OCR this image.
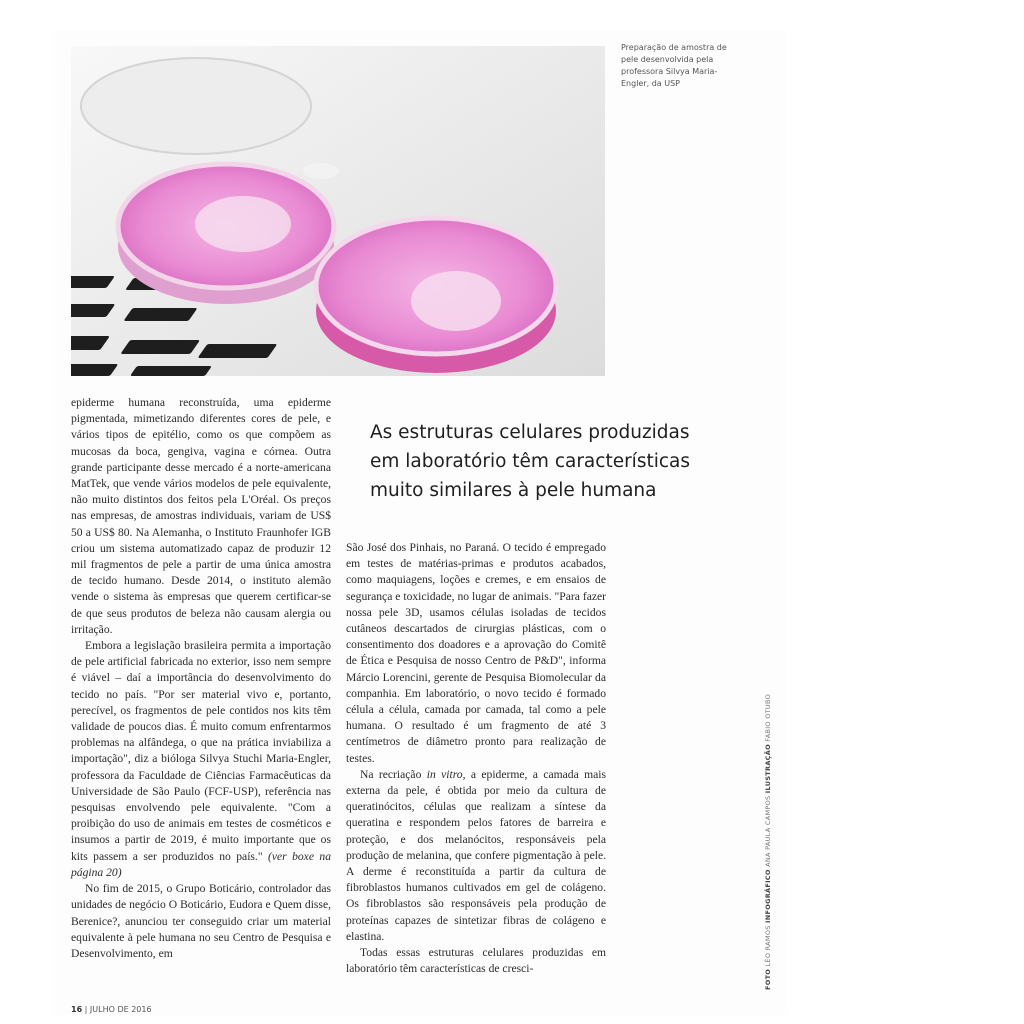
Preparação de amostra de pele desenvolvida pela professora Silvya Maria-Engler, da USP

epiderme humana reconstruída, uma epiderme pigmentada, mimetizando diferentes cores de pele, e vários tipos de epitélio, como os que compõem as mucosas da boca, gengiva, vagina e córnea. Outra grande participante desse mercado é a norte-americana MatTek, que vende vários modelos de pele equivalente, não muito distintos dos feitos pela L'Oréal. Os preços nas empresas, de amostras individuais, variam de US$ 50 a US$ 80. Na Alemanha, o Instituto Fraunhofer IGB criou um sistema automatizado capaz de produzir 12 mil fragmentos de pele a partir de uma única amostra de tecido humano. Desde 2014, o instituto alemão vende o sistema às empresas que querem certificar-se de que seus produtos de beleza não causam alergia ou irritação.

Embora a legislação brasileira permita a importação de pele artificial fabricada no exterior, isso nem sempre é viável – daí a importância do desenvolvimento do tecido no país. "Por ser material vivo e, portanto, perecível, os fragmentos de pele contidos nos kits têm validade de poucos dias. É muito comum enfrentarmos problemas na alfândega, o que na prática inviabiliza a importação", diz a bióloga Silvya Stuchi Maria-Engler, professora da Faculdade de Ciências Farmacêuticas da Universidade de São Paulo (FCF-USP), referência nas pesquisas envolvendo pele equivalente. "Com a proibição do uso de animais em testes de cosméticos e insumos a partir de 2019, é muito importante que os kits passem a ser produzidos no país." (ver boxe na página 20)

No fim de 2015, o Grupo Boticário, controlador das unidades de negócio O Boticário, Eudora e Quem disse, Berenice?, anunciou ter conseguido criar um material equivalente à pele humana no seu Centro de Pesquisa e Desenvolvimento, em

As estruturas celulares produzidas em laboratório têm características muito similares à pele humana

São José dos Pinhais, no Paraná. O tecido é empregado em testes de matérias-primas e produtos acabados, como maquiagens, loções e cremes, e em ensaios de segurança e toxicidade, no lugar de animais. "Para fazer nossa pele 3D, usamos células isoladas de tecidos cutâneos descartados de cirurgias plásticas, com o consentimento dos doadores e a aprovação do Comitê de Ética e Pesquisa de nosso Centro de P&D", informa Márcio Lorencini, gerente de Pesquisa Biomolecular da companhia. Em laboratório, o novo tecido é formado célula a célula, camada por camada, tal como a pele humana. O resultado é um fragmento de até 3 centímetros de diâmetro pronto para realização de testes.

Na recriação in vitro, a epiderme, a camada mais externa da pele, é obtida por meio da cultura de queratinócitos, células que realizam a síntese da queratina e respondem pelos fatores de barreira e proteção, e dos melanócitos, responsáveis pela produção de melanina, que confere pigmentação à pele. A derme é reconstituída a partir da cultura de fibroblastos humanos cultivados em gel de colágeno. Os fibroblastos são responsáveis pela produção de proteínas capazes de sintetizar fibras de colágeno e elastina.

Todas essas estruturas celulares produzidas em laboratório têm características de cresci-

16 | JULHO DE 2016
FOTO LÉO RAMOS INFOGRÁFICO ANA PAULA CAMPOS ILUSTRAÇÃO FABIO OTUBO
